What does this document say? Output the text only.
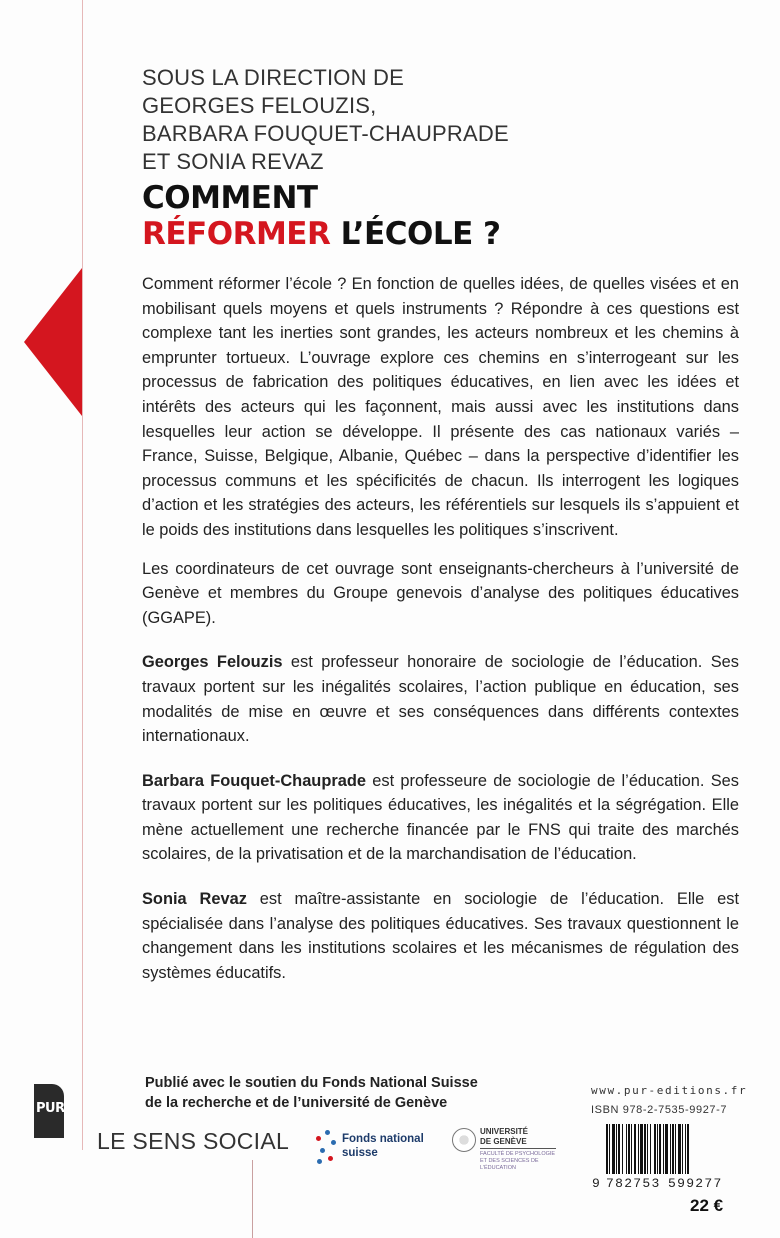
SOUS LA DIRECTION DE
GEORGES FELOUZIS,
BARBARA FOUQUET-CHAUPRADE
ET SONIA REVAZ
COMMENT
RÉFORMER L’ÉCOLE ?

Comment réformer l’école ? En fonction de quelles idées, de quelles visées et en mobilisant quels moyens et quels instruments ? Répondre à ces questions est complexe tant les inerties sont grandes, les acteurs nombreux et les chemins à emprunter tortueux. L’ouvrage explore ces chemins en s’interrogeant sur les processus de fabrication des politiques éducatives, en lien avec les idées et intérêts des acteurs qui les façonnent, mais aussi avec les institutions dans lesquelles leur action se développe. Il présente des cas nationaux variés – France, Suisse, Belgique, Albanie, Québec – dans la perspective d’identifier les processus communs et les spécificités de chacun. Ils interrogent les logiques d’action et les stratégies des acteurs, les référentiels sur lesquels ils s’appuient et le poids des institutions dans lesquelles les politiques s’inscrivent.

Les coordinateurs de cet ouvrage sont enseignants-chercheurs à l’université de Genève et membres du Groupe genevois d’analyse des politiques éducatives (GGAPE).

Georges Felouzis est professeur honoraire de sociologie de l’éducation. Ses travaux portent sur les inégalités scolaires, l’action publique en éducation, ses modalités de mise en œuvre et ses conséquences dans différents contextes internationaux.

Barbara Fouquet-Chauprade est professeure de sociologie de l’éducation. Ses travaux portent sur les politiques éducatives, les inégalités et la ségrégation. Elle mène actuellement une recherche financée par le FNS qui traite des marchés scolaires, de la privatisation et de la marchandisation de l’éducation.

Sonia Revaz est maître-assistante en sociologie de l’éducation. Elle est spécialisée dans l’analyse des politiques éducatives. Ses travaux questionnent le changement dans les institutions scolaires et les mécanismes de régulation des systèmes éducatifs.

Publié avec le soutien du Fonds National Suisse
de la recherche et de l’université de Genève
PUR
LE SENS SOCIAL	Fonds national
suisse
UNIVERSITÉ
DE GENÈVE
FACULTÉ DE PSYCHOLOGIE ET DES SCIENCES DE L’ÉDUCATION
www.pur-editions.fr
ISBN 978-2-7535-9927-7
9 782753 599277
22 €
